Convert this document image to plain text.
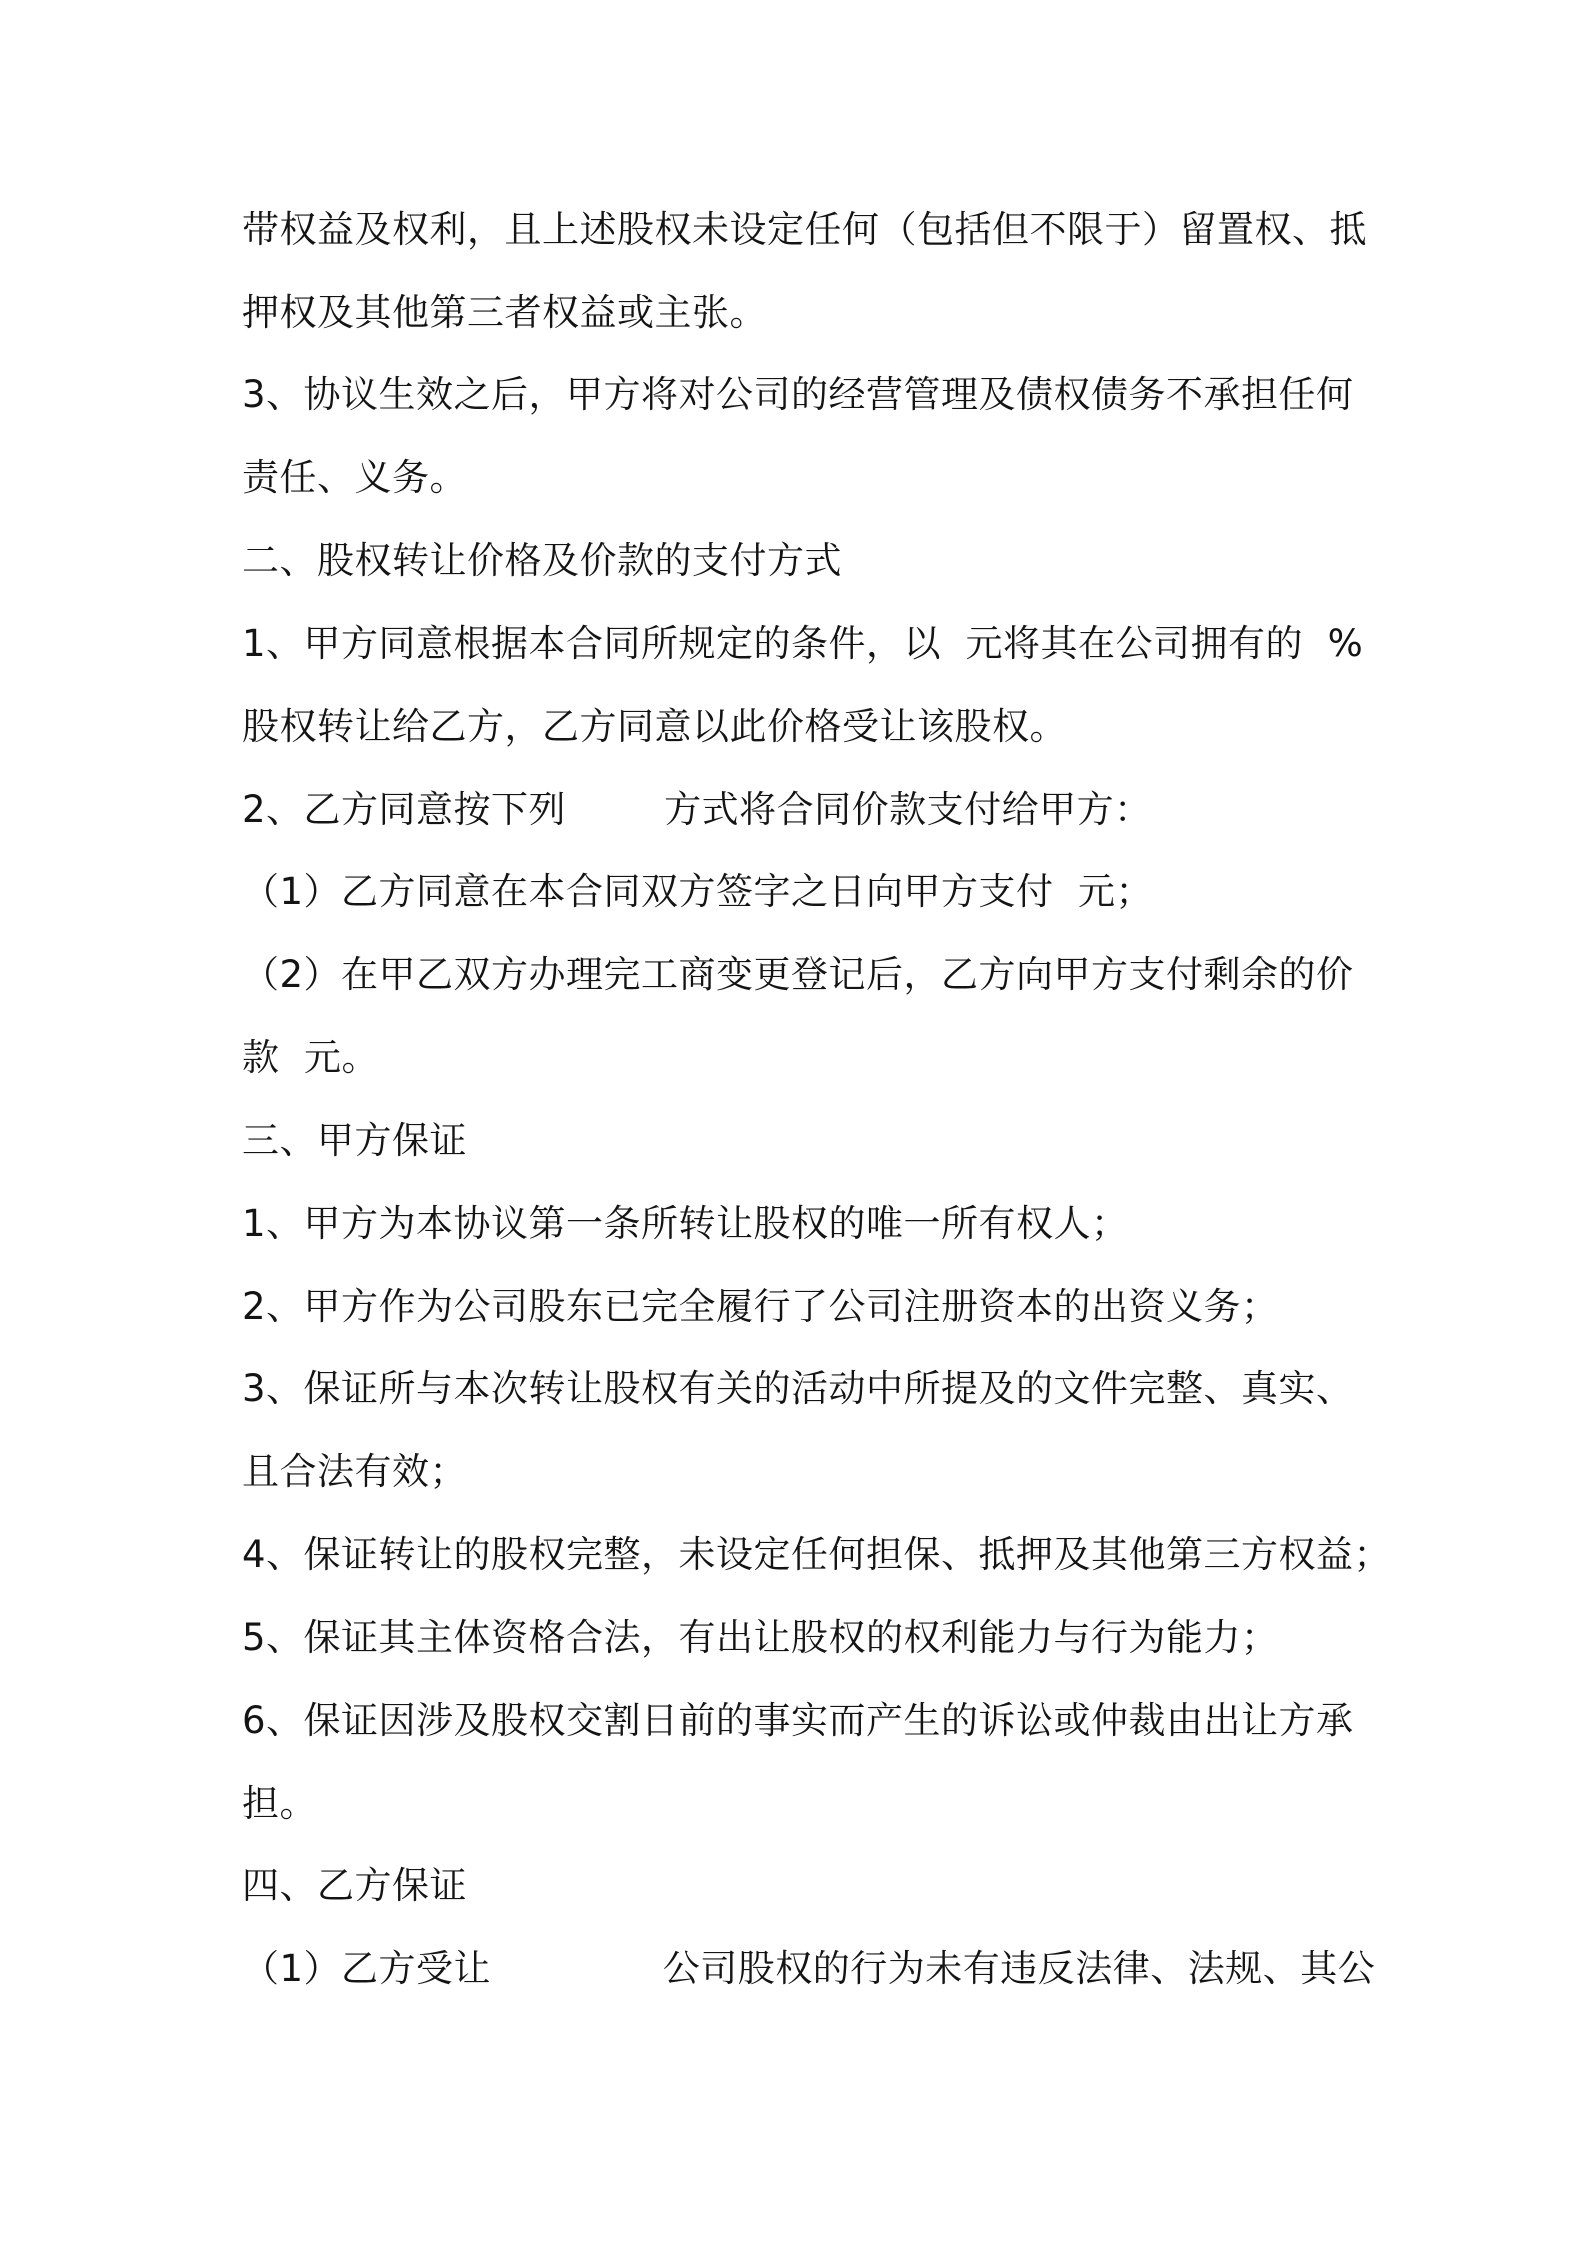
带权益及权利，且上述股权未设定任何（包括但不限于）留置权、抵
押权及其他第三者权益或主张。
3、协议生效之后，甲方将对公司的经营管理及债权债务不承担任何
责任、义务。
二、股权转让价格及价款的支付方式
1、甲方同意根据本合同所规定的条件，以  元将其在公司拥有的  %
股权转让给乙方，乙方同意以此价格受让该股权。
2、乙方同意按下列        方式将合同价款支付给甲方：
（1）乙方同意在本合同双方签字之日向甲方支付  元；
（2）在甲乙双方办理完工商变更登记后，乙方向甲方支付剩余的价
款  元。
三、甲方保证
1、甲方为本协议第一条所转让股权的唯一所有权人；
2、甲方作为公司股东已完全履行了公司注册资本的出资义务；
3、保证所与本次转让股权有关的活动中所提及的文件完整、真实、
且合法有效；
4、保证转让的股权完整，未设定任何担保、抵押及其他第三方权益；
5、保证其主体资格合法，有出让股权的权利能力与行为能力；
6、保证因涉及股权交割日前的事实而产生的诉讼或仲裁由出让方承
担。
四、乙方保证
（1）乙方受让              公司股权的行为未有违反法律、法规、其公
